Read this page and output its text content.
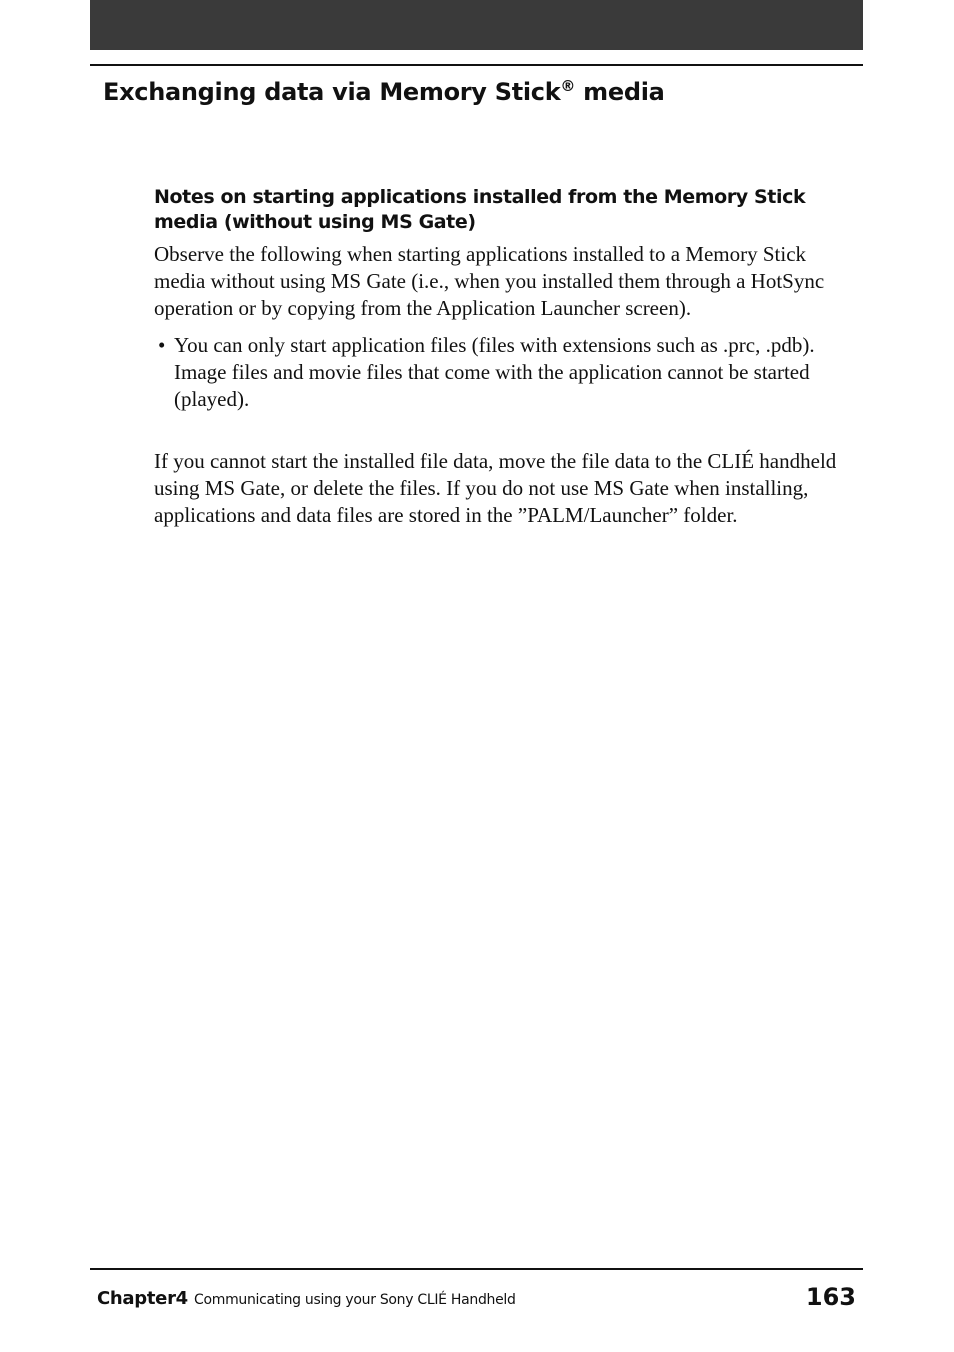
Exchanging data via Memory Stick® media
Notes on starting applications installed from the Memory Stick media (without using MS Gate)

Observe the following when starting applications installed to a Memory Stick media without using MS Gate (i.e., when you installed them through a HotSync operation or by copying from the Application Launcher screen).

• You can only start application files (files with extensions such as .prc, .pdb). Image files and movie files that come with the application cannot be started (played).

If you cannot start the installed file data, move the file data to the CLIÉ handheld using MS Gate, or delete the files. If you do not use MS Gate when installing, applications and data files are stored in the ”PALM/Launcher” folder.

Chapter4 Communicating using your Sony CLIÉ Handheld	163
